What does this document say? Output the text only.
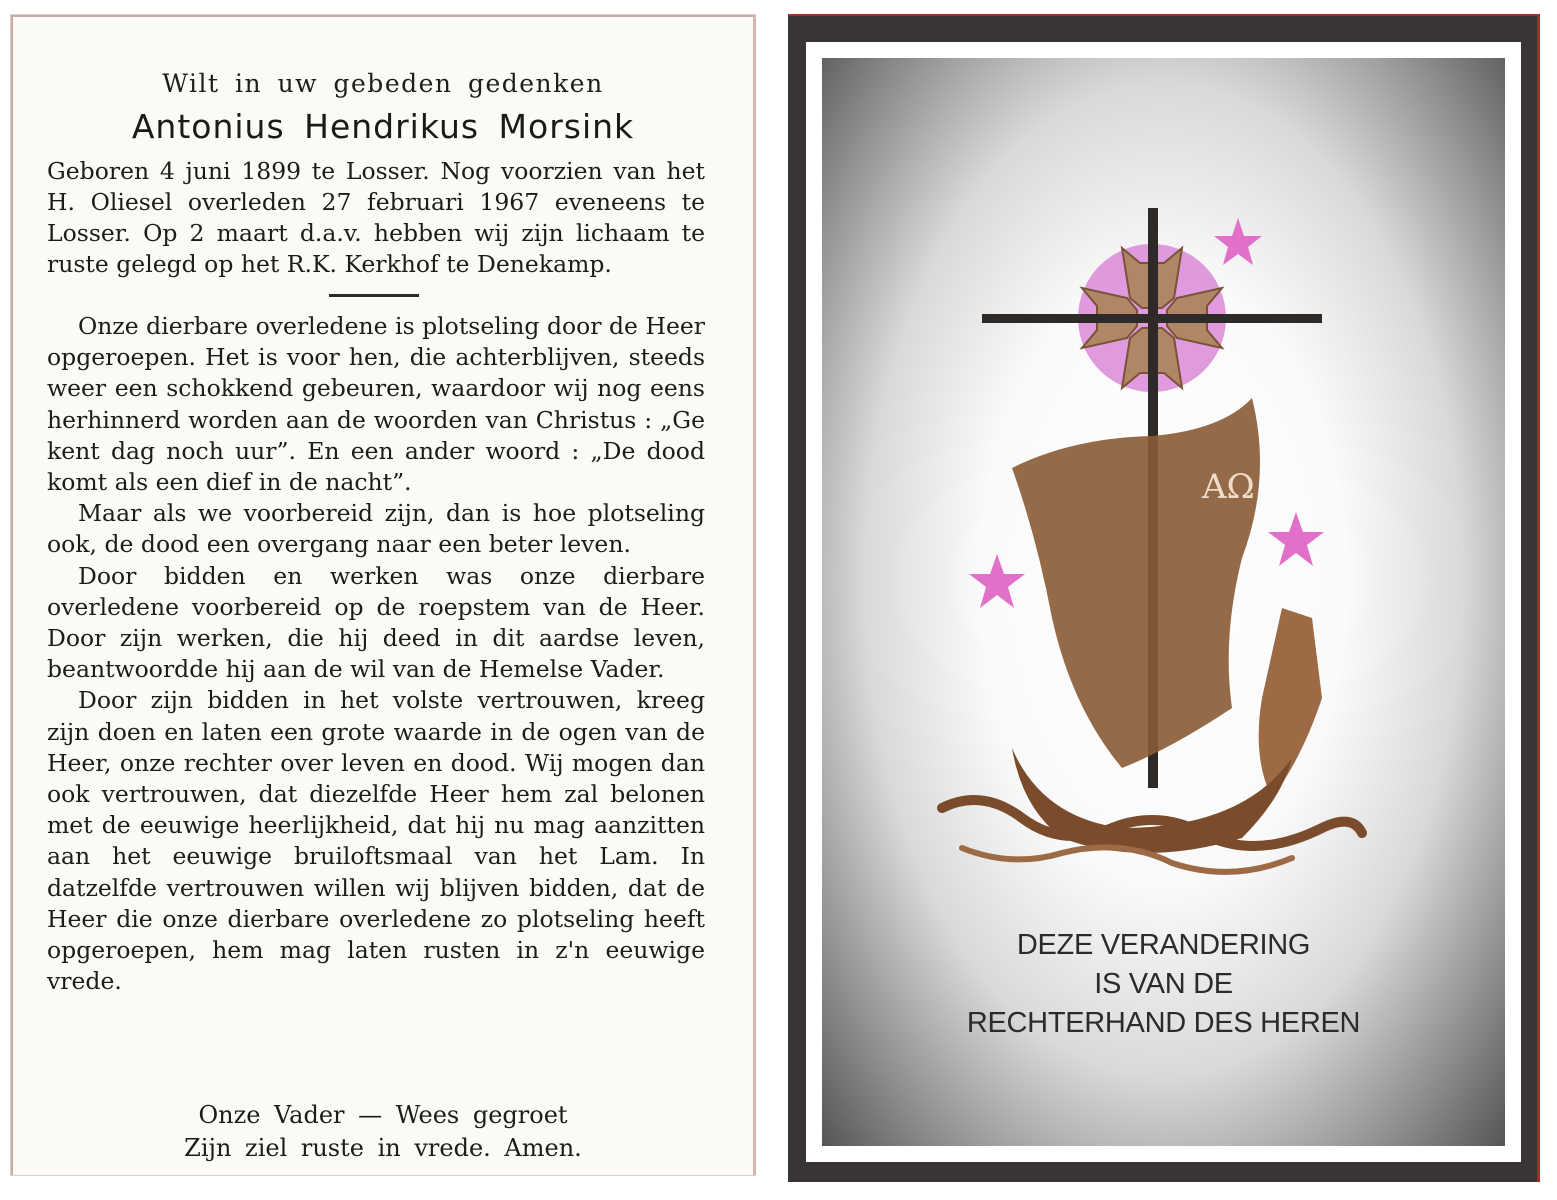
Wilt in uw gebeden gedenken
Antonius Hendrikus Morsink
Geboren 4 juni 1899 te Losser. Nog voorzien van het H. Oliesel overleden 27 februari 1967 eveneens te Losser. Op 2 maart d.a.v. hebben wij zijn lichaam te ruste gelegd op het R.K. Kerkhof te Denekamp.

Onze dierbare overledene is plotseling door de Heer opgeroepen. Het is voor hen, die achterblijven, steeds weer een schokkend gebeuren, waardoor wij nog eens herhinnerd worden aan de woorden van Christus : „Ge kent dag noch uur”. En een ander woord : „De dood komt als een dief in de nacht”.

Maar als we voorbereid zijn, dan is hoe plotseling ook, de dood een overgang naar een beter leven.

Door bidden en werken was onze dierbare overledene voorbereid op de roepstem van de Heer. Door zijn werken, die hij deed in dit aardse leven, beantwoordde hij aan de wil van de Hemelse Vader.

Door zijn bidden in het volste vertrouwen, kreeg zijn doen en laten een grote waarde in de ogen van de Heer, onze rechter over leven en dood. Wij mogen dan ook vertrouwen, dat diezelfde Heer hem zal belonen met de eeuwige heerlijkheid, dat hij nu mag aanzitten aan het eeuwige bruiloftsmaal van het Lam. In datzelfde vertrouwen willen wij blijven bidden, dat de Heer die onze dierbare overledene zo plotseling heeft opgeroepen, hem mag laten rusten in z'n eeuwige vrede.

Onze Vader — Wees gegroet
Zijn ziel ruste in vrede. Amen.
AΩ
DEZE VERANDERING
IS VAN DE
RECHTERHAND DES HEREN
